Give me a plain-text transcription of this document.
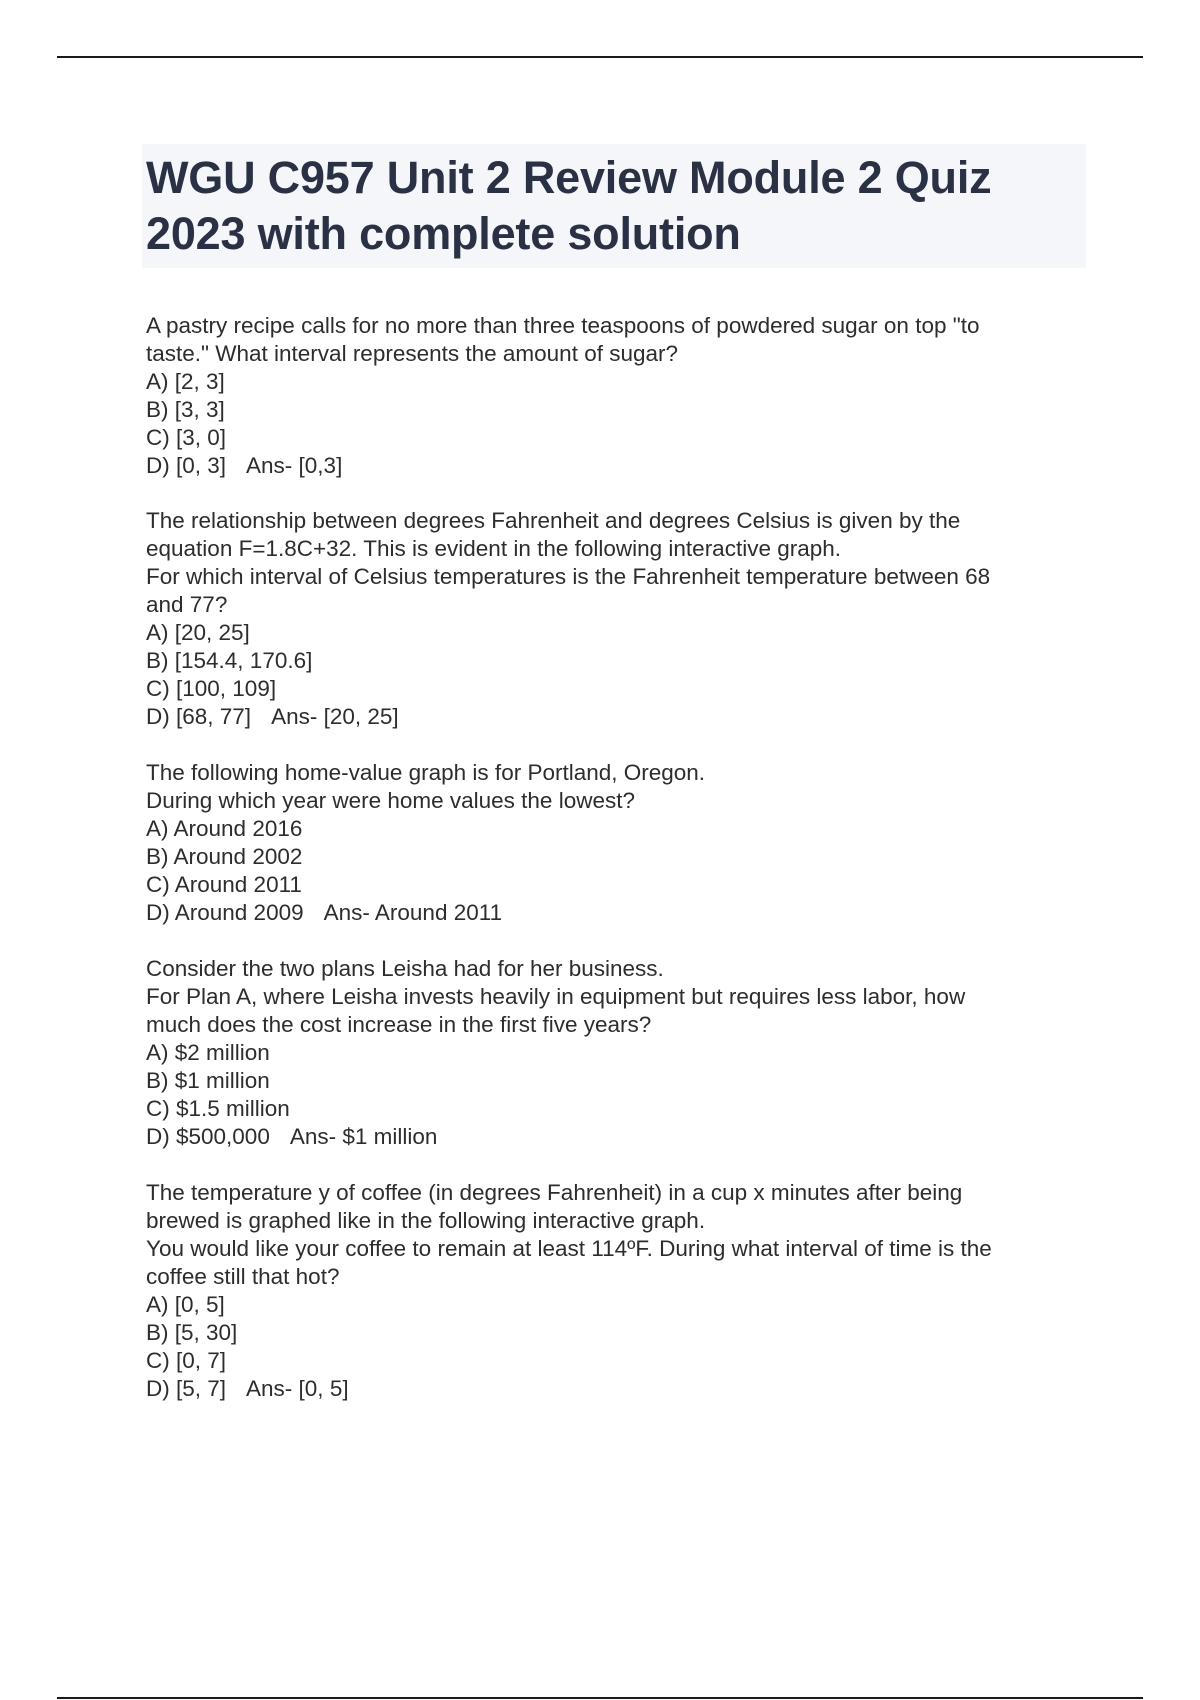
WGU C957 Unit 2 Review Module 2 Quiz
2023 with complete solution
A pastry recipe calls for no more than three teaspoons of powdered sugar on top "to
taste." What interval represents the amount of sugar?
A) [2, 3]
B) [3, 3]
C) [3, 0]
D) [0, 3] Ans- [0,3]
The relationship between degrees Fahrenheit and degrees Celsius is given by the
equation F=1.8C+32. This is evident in the following interactive graph.
For which interval of Celsius temperatures is the Fahrenheit temperature between 68
and 77?
A) [20, 25]
B) [154.4, 170.6]
C) [100, 109]
D) [68, 77] Ans- [20, 25]
The following home-value graph is for Portland, Oregon.
During which year were home values the lowest?
A) Around 2016
B) Around 2002
C) Around 2011
D) Around 2009 Ans- Around 2011
Consider the two plans Leisha had for her business.
For Plan A, where Leisha invests heavily in equipment but requires less labor, how
much does the cost increase in the first five years?
A) $2 million
B) $1 million
C) $1.5 million
D) $500,000 Ans- $1 million
The temperature y of coffee (in degrees Fahrenheit) in a cup x minutes after being
brewed is graphed like in the following interactive graph.
You would like your coffee to remain at least 114ºF. During what interval of time is the
coffee still that hot?
A) [0, 5]
B) [5, 30]
C) [0, 7]
D) [5, 7] Ans- [0, 5]
